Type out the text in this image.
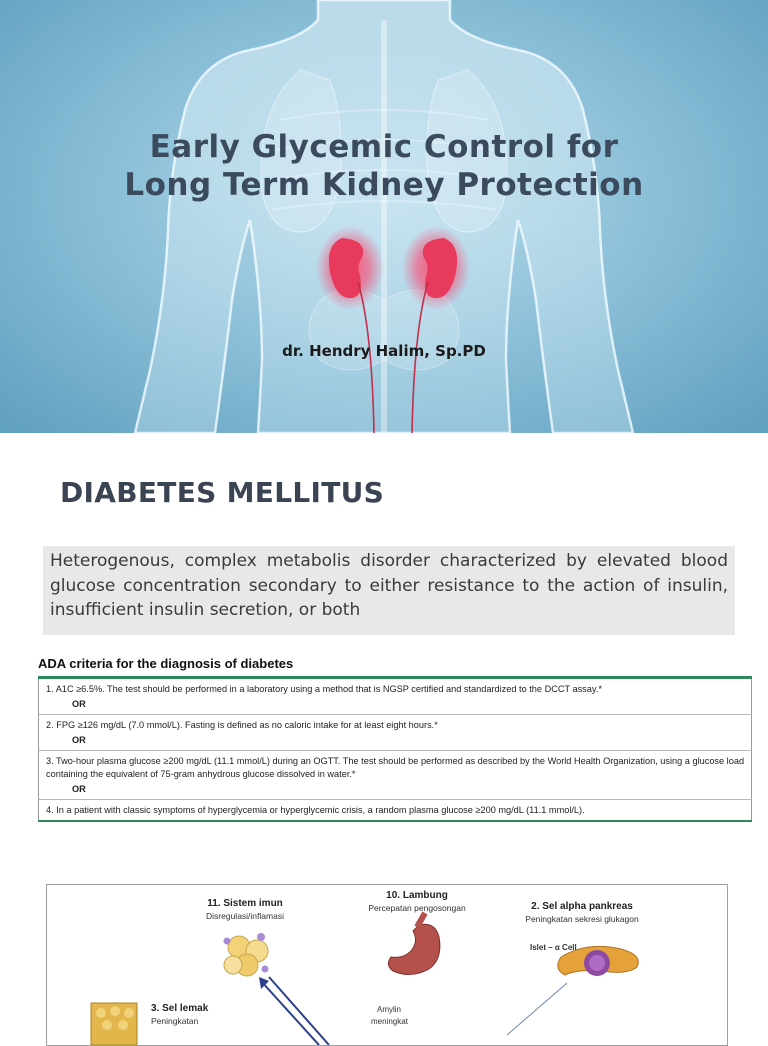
Early Glycemic Control for
Long Term Kidney Protection
dr. Hendry Halim, Sp.PD
DIABETES MELLITUS

Heterogenous, complex metabolis disorder characterized by elevated blood glucose concentration secondary to either resistance to the action of insulin, insufficient insulin secretion, or both

ADA criteria for the diagnosis of diabetes
1. A1C ≥6.5%. The test should be performed in a laboratory using a method that is NGSP certified and standardized to the DCCT assay.*
OR
2. FPG ≥126 mg/dL (7.0 mmol/L). Fasting is defined as no caloric intake for at least eight hours.*
OR
3. Two-hour plasma glucose ≥200 mg/dL (11.1 mmol/L) during an OGTT. The test should be performed as described by the World Health Organization, using a glucose load containing the equivalent of 75-gram anhydrous glucose dissolved in water.*
OR
4. In a patient with classic symptoms of hyperglycemia or hyperglycemic crisis, a random plasma glucose ≥200 mg/dL (11.1 mmol/L).
11. Sistem imun
Disregulasi/inflamasi
10. Lambung
Percepatan pengosongan	2. Sel alpha pankreas
Peningkatan sekresi glukagon
Islet – α Cell
3. Sel lemak
Peningkatan
Amylin
meningkat
